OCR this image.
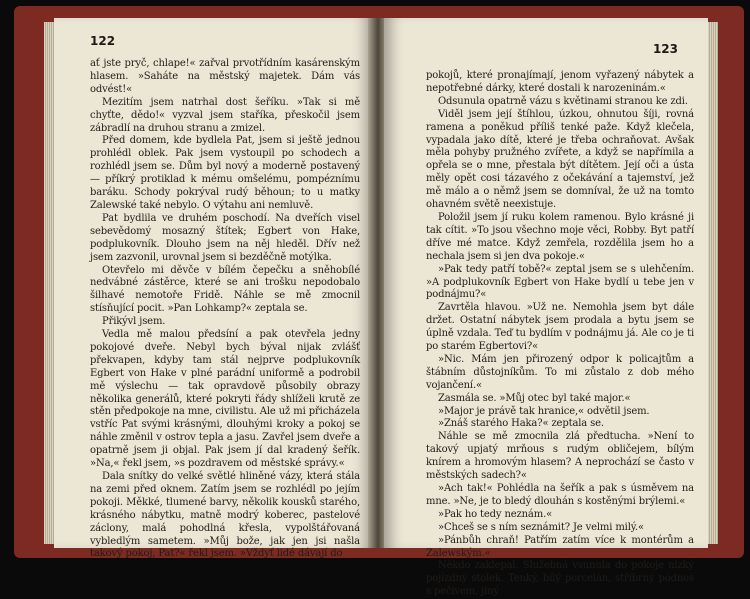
122

ať jste pryč, chlape!« zařval prvotřídním kasárenským hlasem. »Saháte na městský majetek. Dám vás odvést!«

Mezitím jsem natrhal dost šeříku. »Tak si mě chyťte, dědo!« vyzval jsem staříka, přeskočil jsem zábradlí na druhou stranu a zmizel.

Před domem, kde bydlela Pat, jsem si ještě jednou prohlédl oblek. Pak jsem vystoupil po schodech a rozhlédl jsem se. Dům byl nový a moderně postavený — příkrý protiklad k mému omšelému, pompéznímu baráku. Schody pokrýval rudý běhoun; to u matky Zalewské také nebylo. O výtahu ani nemluvě.

Pat bydlila ve druhém poschodí. Na dveřích visel sebevědomý mosazný štítek; Egbert von Hake, podplukovník. Dlouho jsem na něj hleděl. Dřív než jsem zazvonil, urovnal jsem si bezděčně motýlka.

Otevřelo mi děvče v bílém čepečku a sněhobílé nedvábné zástěrce, které se ani trošku nepodobalo šilhavé nemotoře Fridě. Náhle se mě zmocnil stísňující pocit. »Pan Lohkamp?« zeptala se.

Přikývl jsem.

Vedla mě malou předsíní a pak otevřela jedny pokojové dveře. Nebyl bych býval nijak zvlášť překvapen, kdyby tam stál nejprve podplukovník Egbert von Hake v plné parádní uniformě a podrobil mě výslechu — tak opravdově působily obrazy několika generálů, které pokryti řády shlíželi krutě ze stěn předpokoje na mne, civilistu. Ale už mi přicházela vstříc Pat svými krásnými, dlouhými kroky a pokoj se náhle změnil v ostrov tepla a jasu. Zavřel jsem dveře a opatrně jsem ji objal. Pak jsem jí dal kradený šeřík. »Na,« řekl jsem, »s pozdravem od městské správy.«

Dala snítky do velké světlé hliněné vázy, která stála na zemi před oknem. Zatím jsem se rozhlédl po jejím pokoji. Měkké, tlumené barvy, několik kousků starého, krásného nábytku, matně modrý koberec, pastelové záclony, malá pohodlná křesla, vypolštářovaná vybledlým sametem. »Můj bože, jak jen jsi našla takový pokoj, Pat?« řekl jsem. »Vždyť lidé dávají do

123

pokojů, které pronajímají, jenom vyřazený nábytek a nepotřebné dárky, které dostali k narozeninám.«

Odsunula opatrně vázu s květinami stranou ke zdi.

Viděl jsem její štíhlou, úzkou, ohnutou šíji, rovná ramena a poněkud příliš tenké paže. Když klečela, vypadala jako dítě, které je třeba ochraňovat. Avšak měla pohyby pružného zvířete, a když se napřímila a opřela se o mne, přestala být dítětem. Její oči a ústa měly opět cosi tázavého z očekávání a tajemství, jež mě málo a o němž jsem se domníval, že už na tomto ohavném světě neexistuje.

Položil jsem jí ruku kolem ramenou. Bylo krásné ji tak cítit. »To jsou všechno moje věci, Robby. Byt patří dříve mé matce. Když zemřela, rozdělila jsem ho a nechala jsem si jen dva pokoje.«

»Pak tedy patří tobě?« zeptal jsem se s ulehčením. »A podplukovník Egbert von Hake bydlí u tebe jen v podnájmu?«

Zavrtěla hlavou. »Už ne. Nemohla jsem byt dále držet. Ostatní nábytek jsem prodala a bytu jsem se úplně vzdala. Teď tu bydlím v podnájmu já. Ale co je ti po starém Egbertovi?«

»Nic. Mám jen přirozený odpor k policajtům a štábním důstojníkům. To mi zůstalo z dob mého vojančení.«

Zasmála se. »Můj otec byl také major.«

»Major je právě tak hranice,« odvětil jsem.

»Znáš starého Haka?« zeptala se.

Náhle se mě zmocnila zlá předtucha. »Není to takový upjatý mrňous s rudým obličejem, bílým knírem a hromovým hlasem? A neprochází se často v městských sadech?«

»Ach tak!« Pohlédla na šeřík a pak s úsměvem na mne. »Ne, je to bledý dlouhán s kostěnými brýlemi.«

»Pak ho tedy neznám.«

»Chceš se s ním seznámit? Je velmi milý.«

»Pánbůh chraň! Patřím zatím více k montérům a Zalewským.«

Někdo zaklepal. Služebná vsunula do pokoje nízký pojízdný stolek. Tenký, bílý porcelán, stříbrný podnos s pečivem, jiný
